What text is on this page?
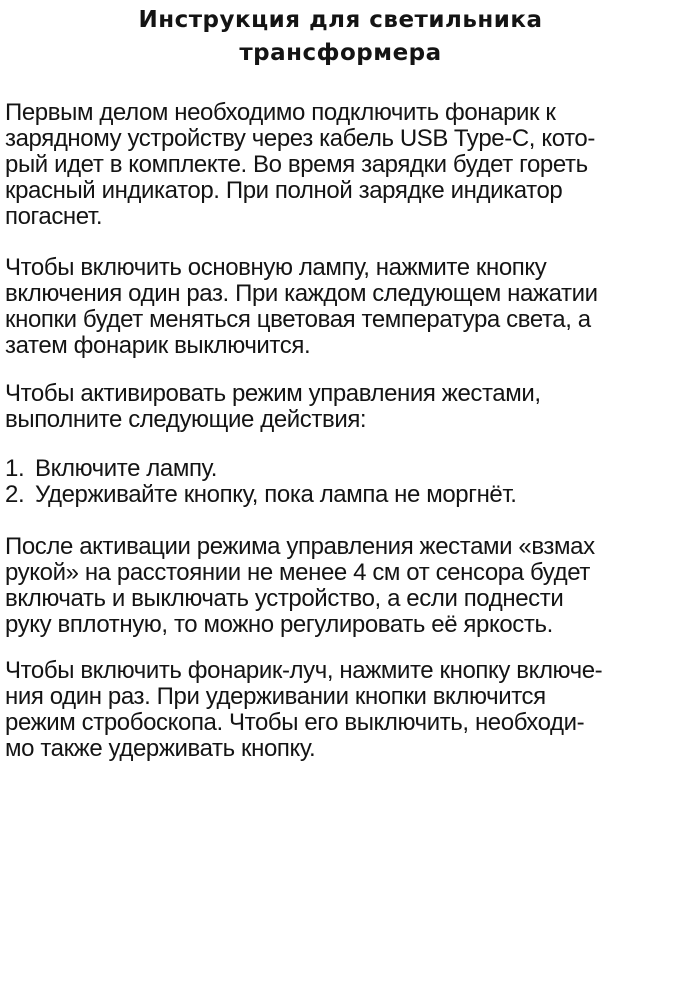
Инструкция для светильника
трансформера
Первым делом необходимо подключить фонарик к
зарядному устройству через кабель USB Type-C, кото-
рый идет в комплекте. Во время зарядки будет гореть
красный индикатор. При полной зарядке индикатор
погаснет.
Чтобы включить основную лампу, нажмите кнопку
включения один раз. При каждом следующем нажатии
кнопки будет меняться цветовая температура света, а
затем фонарик выключится.
Чтобы активировать режим управления жестами,
выполните следующие действия:
1. Включите лампу.
2. Удерживайте кнопку, пока лампа не моргнёт.
После активации режима управления жестами «взмах
рукой» на расстоянии не менее 4 см от сенсора будет
включать и выключать устройство, а если поднести
руку вплотную, то можно регулировать её яркость.
Чтобы включить фонарик-луч, нажмите кнопку включе-
ния один раз. При удерживании кнопки включится
режим стробоскопа. Чтобы его выключить, необходи-
мо также удерживать кнопку.
